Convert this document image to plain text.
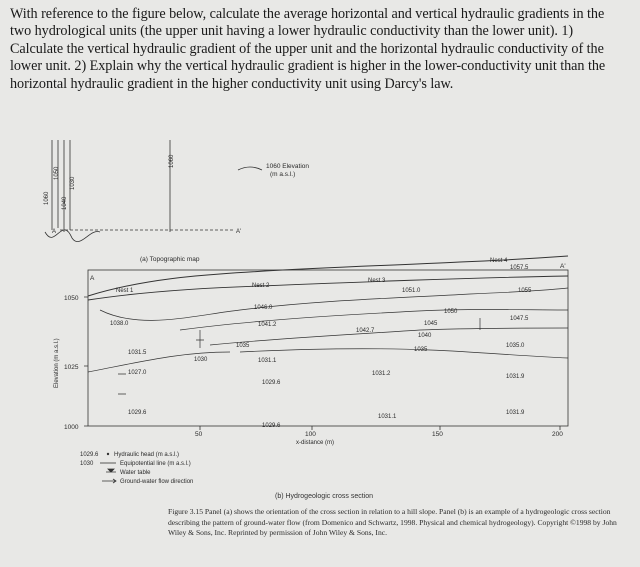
With reference to the figure below, calculate the average horizontal and vertical hydraulic gradients in the two hydrological units (the upper unit having a lower hydraulic conductivity than the lower unit). 1) Calculate the vertical hydraulic gradient of the upper unit and the horizontal hydraulic conductivity of the lower unit. 2) Explain why the vertical hydraulic gradient is higher in the lower-conductivity unit than the horizontal hydraulic gradient in the higher conductivity unit using Darcy's law.

1060
1050
1040
1030
1060	1060 Elevation
(m a.s.l.)
A	A'
(a) Topographic map
1050
1025
1000
Elevation (m a.s.l.)
50	100	150	200
x-distance (m)
A
A'
Nest 1
Nest 2
Nest 3
Nest 4
1038.0
1031.5
1027.0
1029.6
1046.0
1041.2
1031.1
1029.6
1029.6
1042.7
1051.0
1031.2
1031.1
1057.5
1047.5
1035.0
1031.9
1031.9
1055
1050
1045
1040
1035
1035
1030
1029.6	Hydraulic head (m a.s.l.)
1030	Equipotential line (m a.s.l.)
Water table
Ground-water flow direction
(b) Hydrogeologic cross section
Figure 3.15 Panel (a) shows the orientation of the cross section in relation to a hill slope. Panel (b) is an example of a hydrogeologic cross section describing the pattern of ground-water flow (from Domenico and Schwartz, 1998. Physical and chemical hydrogeology). Copyright ©1998 by John Wiley & Sons, Inc. Reprinted by permission of John Wiley & Sons, Inc.
